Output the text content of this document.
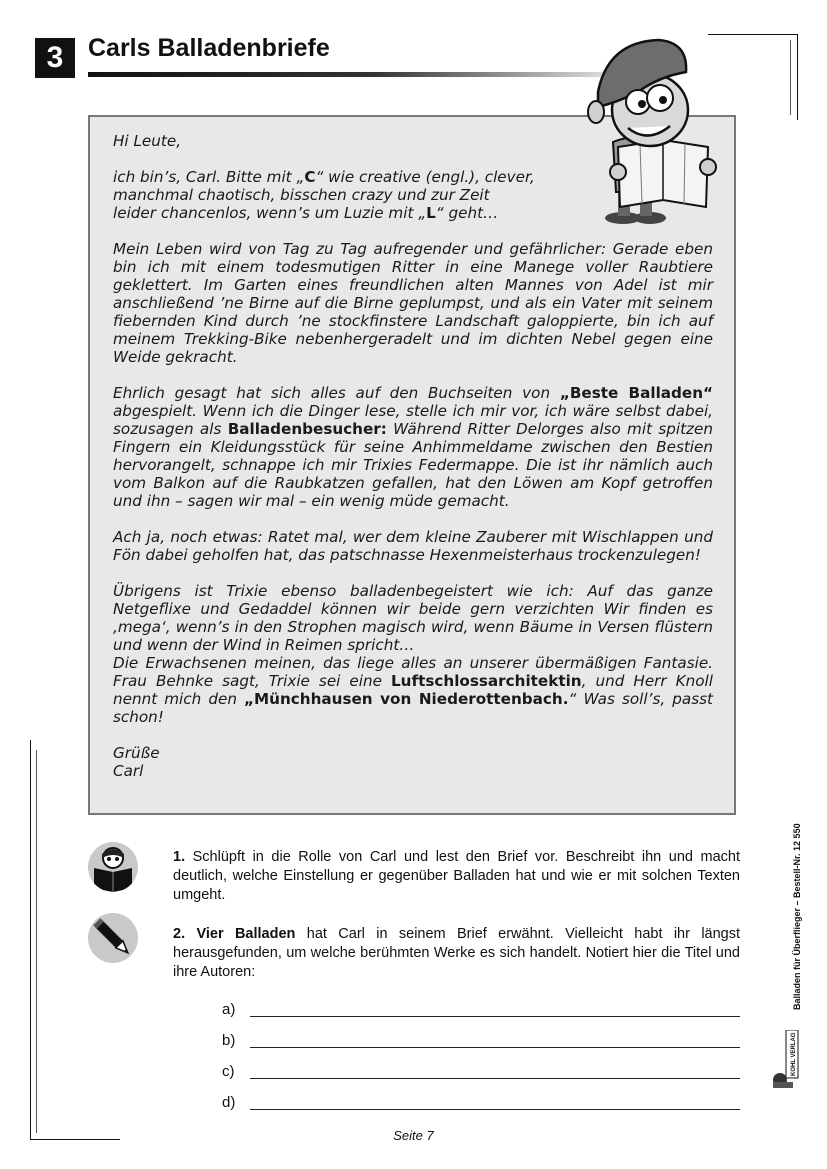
3 Carls Balladenbriefe

Hi Leute,

ich bin’s, Carl. Bitte mit „C“ wie creative (engl.), clever,
manchmal chaotisch, bisschen crazy und zur Zeit
leider chancenlos, wenn’s um Luzie mit „L“ geht…

Mein Leben wird von Tag zu Tag aufregender und gefährlicher: Gerade eben bin ich mit einem todesmutigen Ritter in eine Manege voller Raubtiere geklettert. Im Garten eines freundlichen alten Mannes von Adel ist mir anschließend ’ne Birne auf die Birne geplumpst, und als ein Vater mit seinem fiebernden Kind durch ’ne stockfinstere Landschaft galoppierte, bin ich auf meinem Trekking-Bike nebenhergeradelt und im dichten Nebel gegen eine Weide gekracht.

Ehrlich gesagt hat sich alles auf den Buchseiten von „Beste Balladen“ abgespielt. Wenn ich die Dinger lese, stelle ich mir vor, ich wäre selbst dabei, sozusagen als Balladenbesucher: Während Ritter Delorges also mit spitzen Fingern ein Kleidungsstück für seine Anhimmeldame zwischen den Bestien hervorangelt, schnappe ich mir Trixies Federmappe. Die ist ihr nämlich auch vom Balkon auf die Raubkatzen gefallen, hat den Löwen am Kopf getroffen und ihn – sagen wir mal – ein wenig müde gemacht.

Ach ja, noch etwas: Ratet mal, wer dem kleine Zauberer mit Wischlappen und Fön dabei geholfen hat, das patschnasse Hexenmeisterhaus trockenzulegen!

Übrigens ist Trixie ebenso balladenbegeistert wie ich: Auf das ganze Netgeflixe und Gedaddel können wir beide gern verzichten Wir finden es ‚mega‘, wenn’s in den Strophen magisch wird, wenn Bäume in Versen flüstern und wenn der Wind in Reimen spricht…

Die Erwachsenen meinen, das liege alles an unserer übermäßigen Fantasie. Frau Behnke sagt, Trixie sei eine Luftschlossarchitektin, und Herr Knoll nennt mich den „Münchhausen von Niederottenbach.“ Was soll’s, passt schon!

Grüße

Carl

1. Schlüpft in die Rolle von Carl und lest den Brief vor. Beschreibt ihn und macht deutlich, welche Einstellung er gegenüber Balladen hat und wie er mit solchen Texten umgeht.
2. Vier Balladen hat Carl in seinem Brief erwähnt. Vielleicht habt ihr längst herausgefunden, um welche berühmten Werke es sich handelt. Notiert hier die Titel und ihre Autoren:
a)
b)
c)
d)
Balladen für Überflieger – Bestell-Nr. 12 550
KOHL VERLAG
Seite 7
